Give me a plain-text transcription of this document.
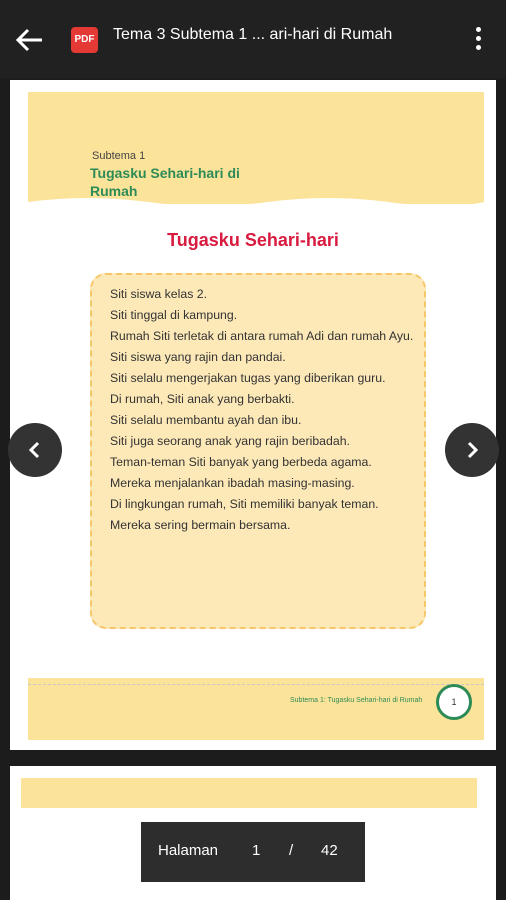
PDF Tema 3 Subtema 1 ... ari-hari di Rumah
Subtema 1
Tugasku Sehari-hari di Rumah
Tugasku Sehari-hari
Siti siswa kelas 2.
Siti tinggal di kampung.
Rumah Siti terletak di antara rumah Adi dan rumah Ayu.
Siti siswa yang rajin dan pandai.
Siti selalu mengerjakan tugas yang diberikan guru.
Di rumah, Siti anak yang berbakti.
Siti selalu membantu ayah dan ibu.
Siti juga seorang anak yang rajin beribadah.
Teman-teman Siti banyak yang berbeda agama.
Mereka menjalankan ibadah masing-masing.
Di lingkungan rumah, Siti memiliki banyak teman.
Mereka sering bermain bersama.
Subtema 1: Tugasku Sehari-hari di Rumah	1
Halaman 1 / 42
